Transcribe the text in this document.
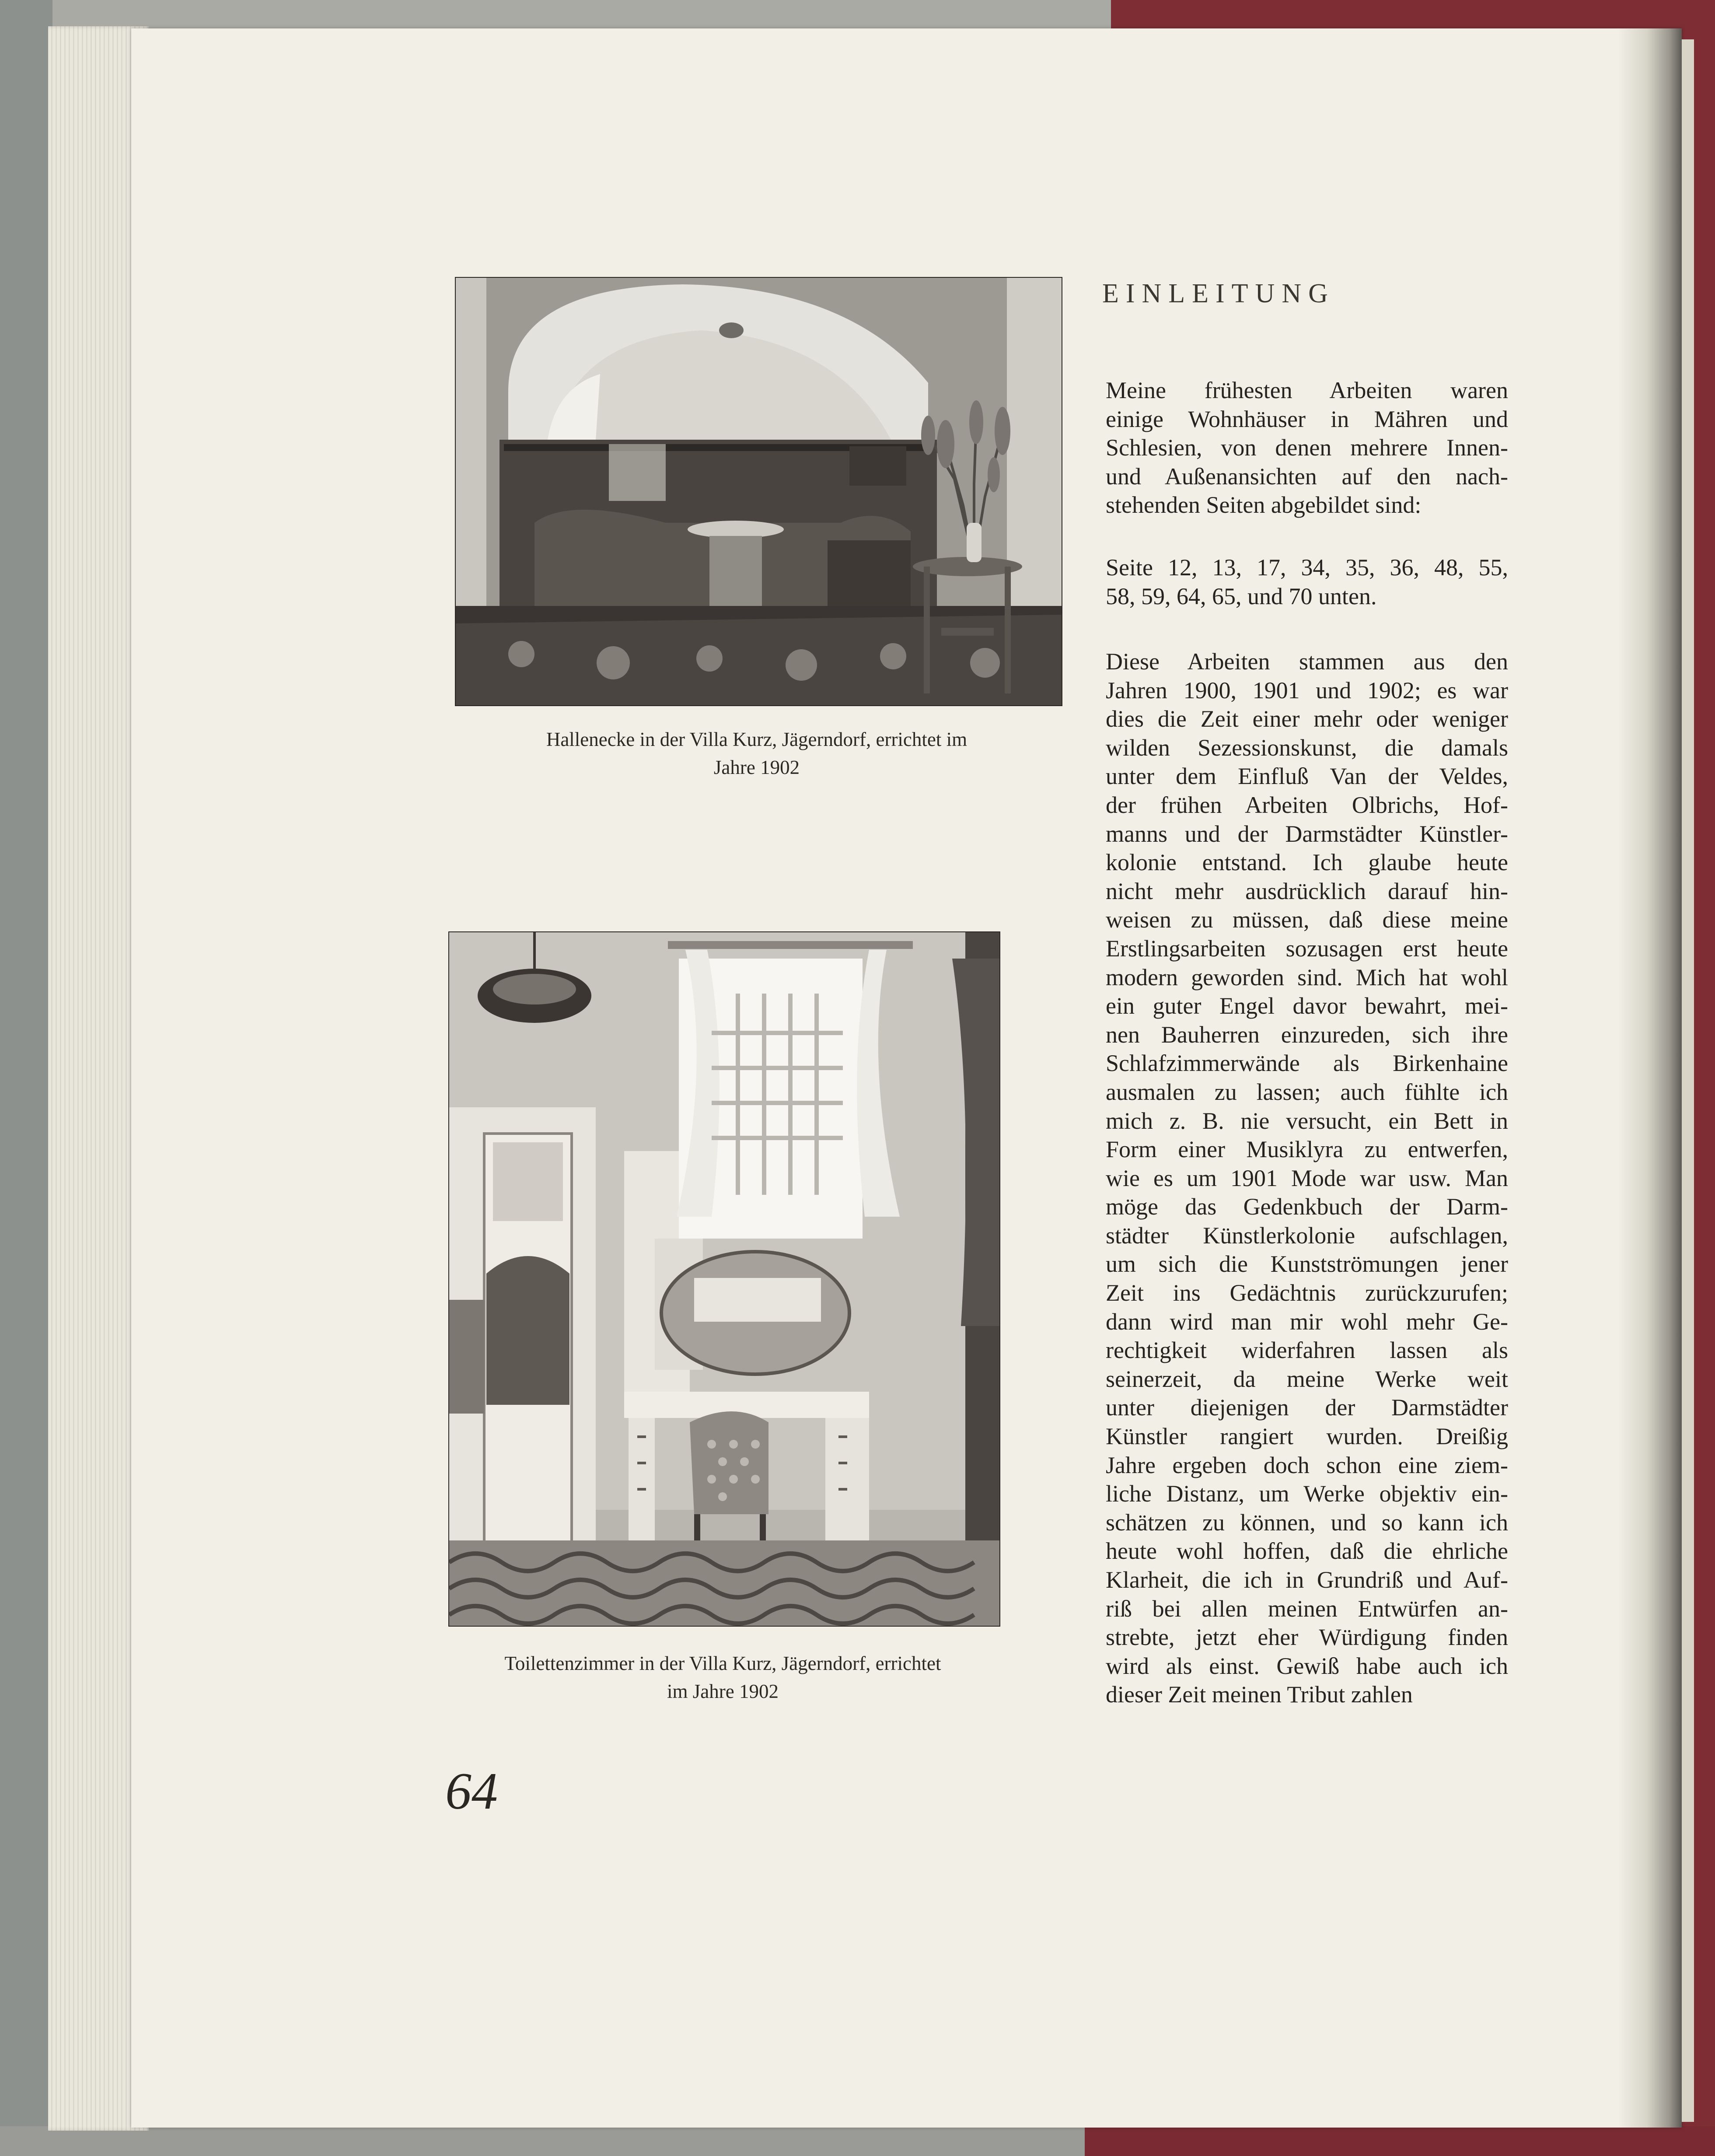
Hallenecke in der Villa Kurz, Jägerndorf, errichtet im
Jahre 1902
Toilettenzimmer in der Villa Kurz, Jägerndorf, errichtet
im Jahre 1902
EINLEITUNG
Meine frühesten Arbeiten waren
einige Wohnhäuser in Mähren und
Schlesien, von denen mehrere Innen-
und Außenansichten auf den nach-
stehenden Seiten abgebildet sind:
Seite 12, 13, 17, 34, 35, 36, 48, 55,
58, 59, 64, 65, und 70 unten.
Diese Arbeiten stammen aus den
Jahren 1900, 1901 und 1902; es war
dies die Zeit einer mehr oder weniger
wilden Sezessionskunst, die damals
unter dem Einfluß Van der Veldes,
der frühen Arbeiten Olbrichs, Hof-
manns und der Darmstädter Künstler-
kolonie entstand. Ich glaube heute
nicht mehr ausdrücklich darauf hin-
weisen zu müssen, daß diese meine
Erstlingsarbeiten sozusagen erst heute
modern geworden sind. Mich hat wohl
ein guter Engel davor bewahrt, mei-
nen Bauherren einzureden, sich ihre
Schlafzimmerwände als Birkenhaine
ausmalen zu lassen; auch fühlte ich
mich z. B. nie versucht, ein Bett in
Form einer Musiklyra zu entwerfen,
wie es um 1901 Mode war usw. Man
möge das Gedenkbuch der Darm-
städter Künstlerkolonie aufschlagen,
um sich die Kunstströmungen jener
Zeit ins Gedächtnis zurückzurufen;
dann wird man mir wohl mehr Ge-
rechtigkeit widerfahren lassen als
seinerzeit, da meine Werke weit
unter diejenigen der Darmstädter
Künstler rangiert wurden. Dreißig
Jahre ergeben doch schon eine ziem-
liche Distanz, um Werke objektiv ein-
schätzen zu können, und so kann ich
heute wohl hoffen, daß die ehrliche
Klarheit, die ich in Grundriß und Auf-
riß bei allen meinen Entwürfen an-
strebte, jetzt eher Würdigung finden
wird als einst. Gewiß habe auch ich
dieser Zeit meinen Tribut zahlen
64
